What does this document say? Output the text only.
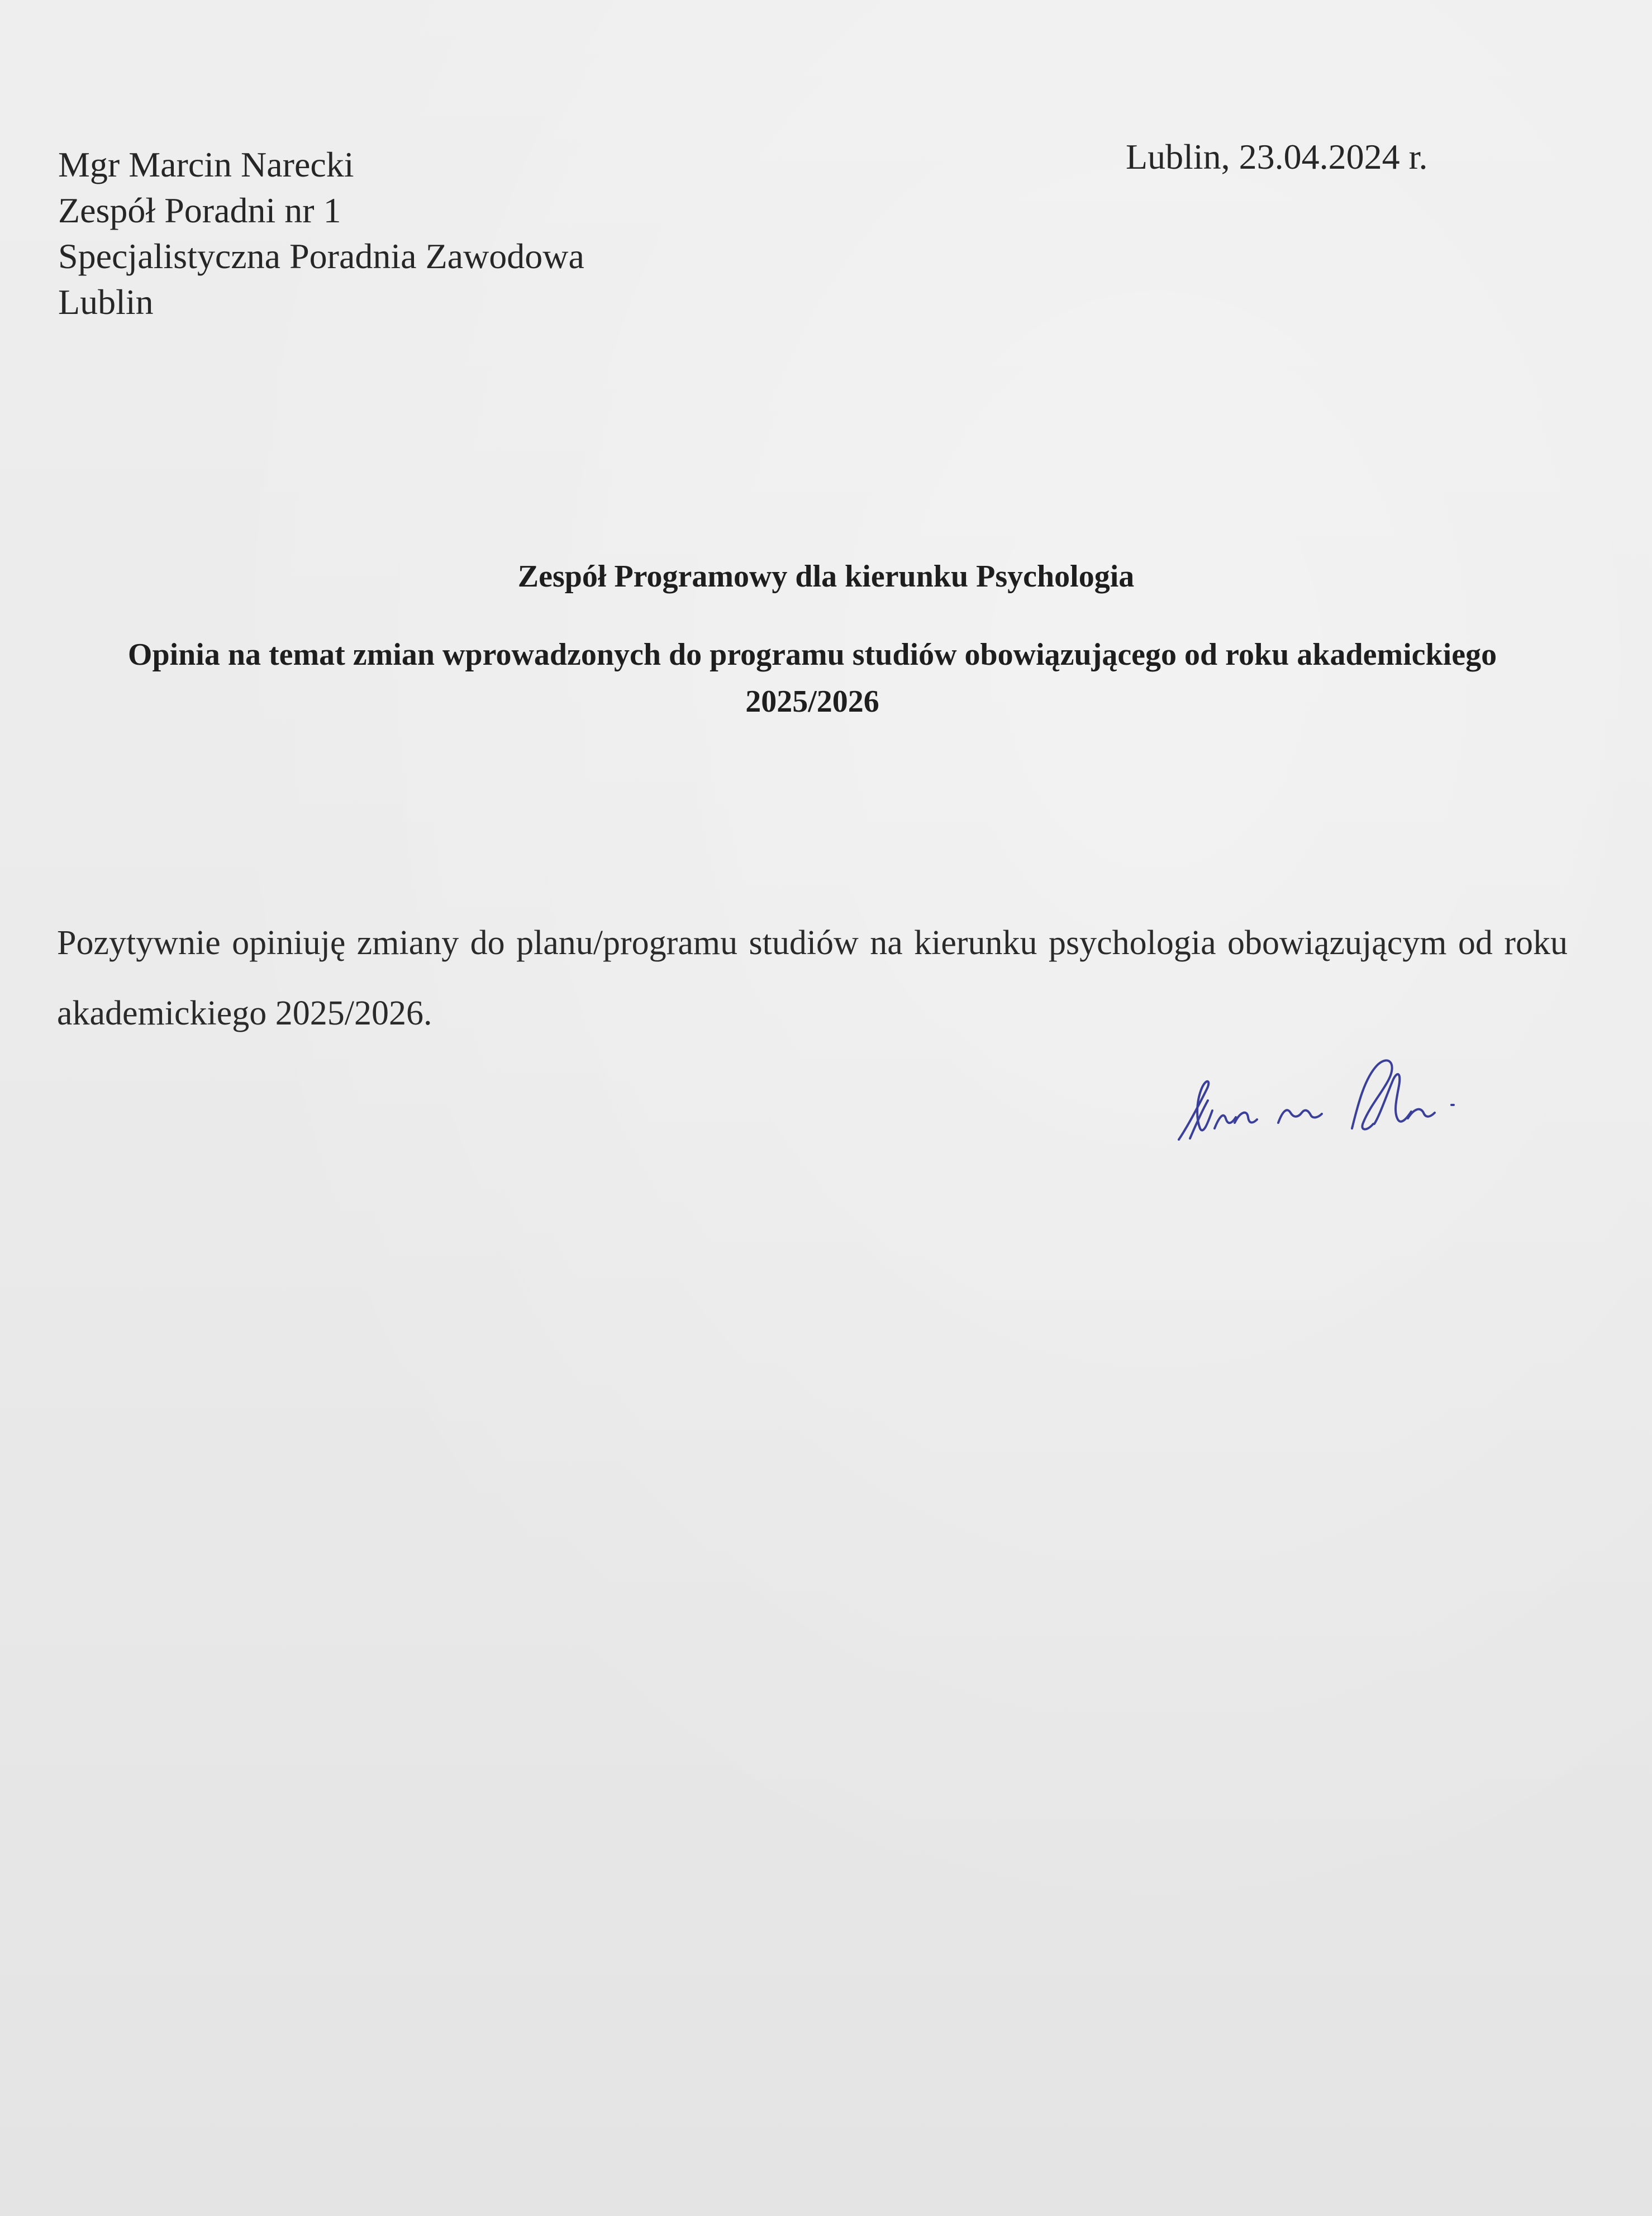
Mgr Marcin Narecki
Zespół Poradni nr 1
Specjalistyczna Poradnia Zawodowa
Lublin
Lublin, 23.04.2024 r.
Zespół Programowy dla kierunku Psychologia
Opinia na temat zmian wprowadzonych do programu studiów obowiązującego od roku akademickiego 2025/2026
Pozytywnie opiniuję zmiany do planu/programu studiów na kierunku psychologia obowiązującym od roku akademickiego 2025/2026.
